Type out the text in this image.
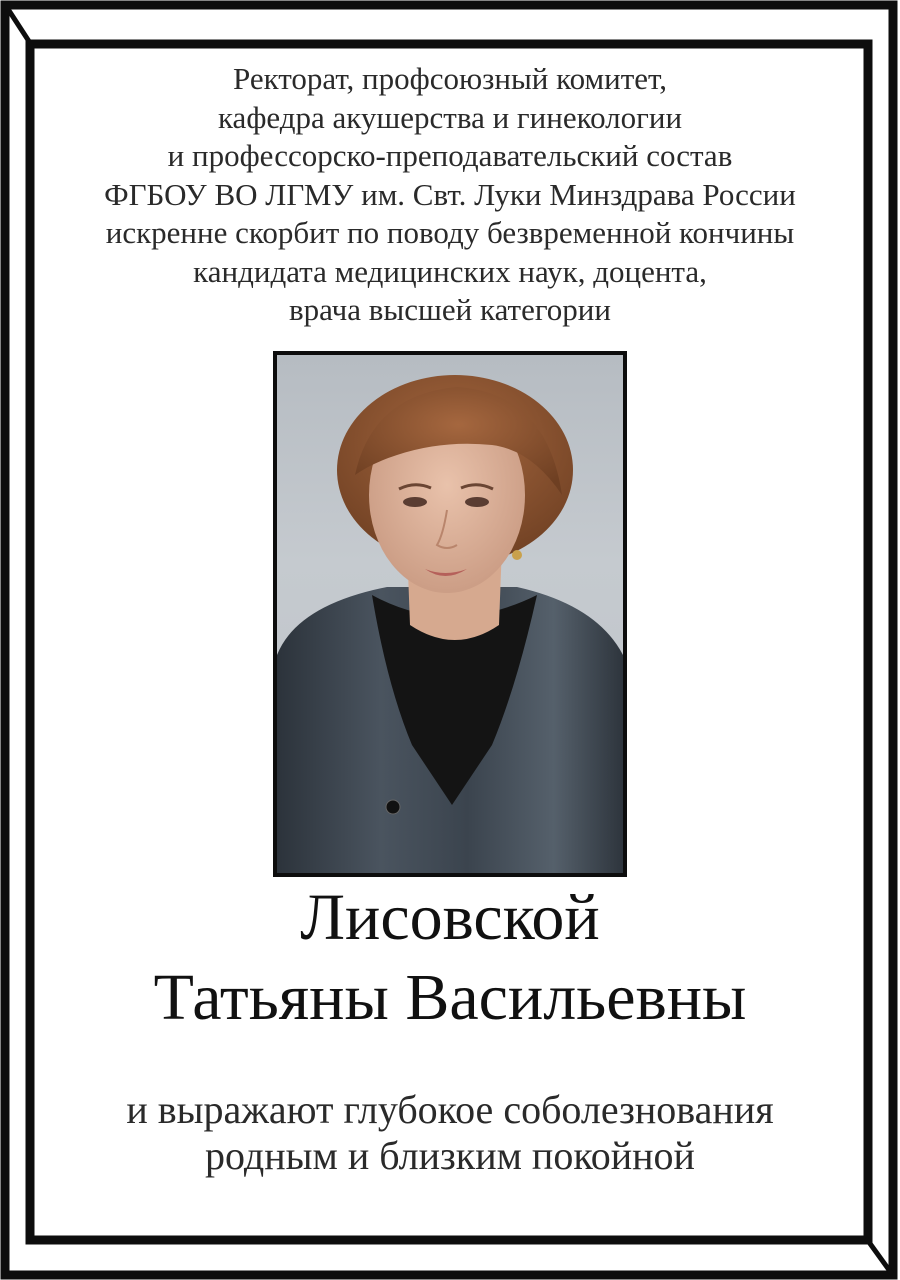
Ректорат, профсоюзный комитет,
кафедра акушерства и гинекологии
и профессорско-преподавательский состав
ФГБОУ ВО ЛГМУ им. Свт. Луки Минздрава России
искренне скорбит по поводу безвременной кончины
кандидата медицинских наук, доцента,
врача высшей категории
Лисовской
Татьяны Васильевны
и выражают глубокое соболезнования
родным и близким покойной
